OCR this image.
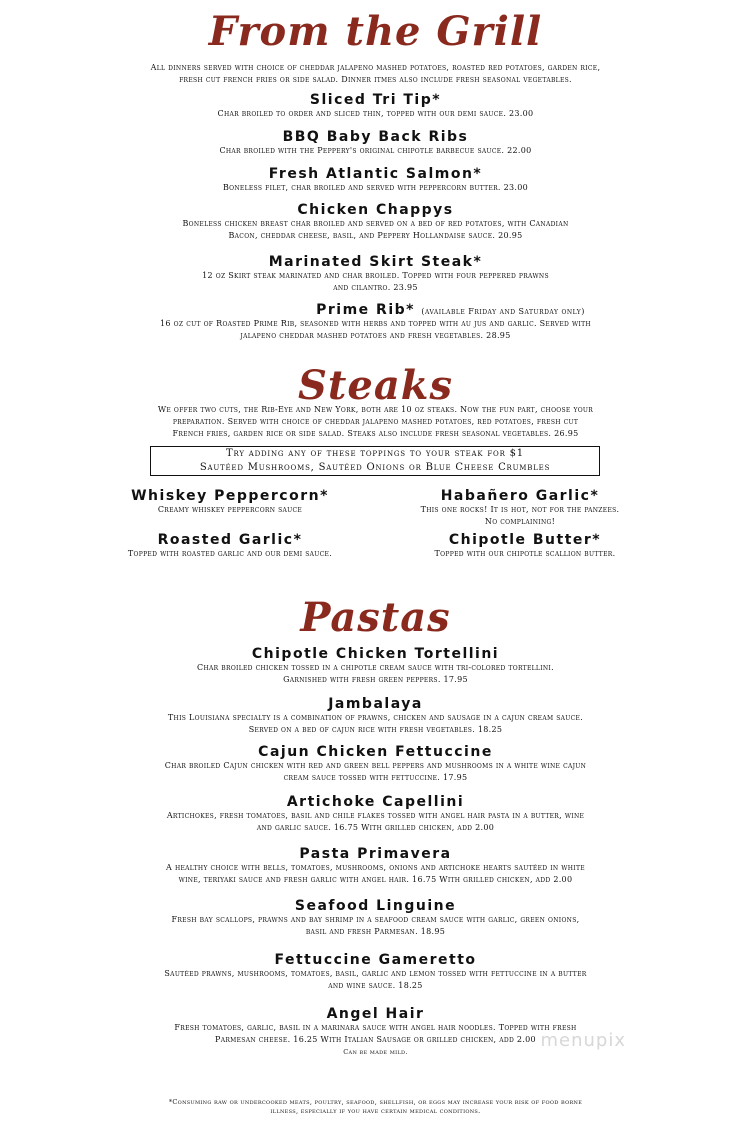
From the Grill

All dinners served with choice of cheddar jalapeno mashed potatoes, roasted red potatoes, garden rice,

fresh cut french fries or side salad. Dinner itmes also include fresh seasonal vegetables.

Sliced Tri Tip*

Char broiled to order and sliced thin, topped with our demi sauce. 23.00

BBQ Baby Back Ribs

Char broiled with the Peppery's original chipotle barbecue sauce. 22.00

Fresh Atlantic Salmon*

Boneless filet, char broiled and served with peppercorn butter. 23.00

Chicken Chappys

Boneless chicken breast char broiled and served on a bed of red potatoes, with Canadian

Bacon, cheddar cheese, basil, and Peppery Hollandaise sauce. 20.95

Marinated Skirt Steak*

12 oz Skirt steak marinated and char broiled. Topped with four peppered prawns

and cilantro. 23.95

Prime Rib* (available Friday and Saturday only)

16 oz cut of Roasted Prime Rib, seasoned with herbs and topped with au jus and garlic. Served with

jalapeno cheddar mashed potatoes and fresh vegetables. 28.95

Steaks

We offer two cuts, the Rib-Eye and New York, both are 10 oz steaks. Now the fun part, choose your

preparation. Served with choice of cheddar jalapeno mashed potatoes, red potatoes, fresh cut

French fries, garden rice or side salad. Steaks also include fresh seasonal vegetables. 26.95

Try adding any of these toppings to your steak for $1
Sautéed Mushrooms, Sautéed Onions or Blue Cheese Crumbles

Whiskey Peppercorn*

Creamy whiskey peppercorn sauce

Habañero Garlic*

This one rocks! It is hot, not for the panzees.

No complaining!

Roasted Garlic*

Topped with roasted garlic and our demi sauce.

Chipotle Butter*

Topped with our chipotle scallion butter.

Pastas

Chipotle Chicken Tortellini

Char broiled chicken tossed in a chipotle cream sauce with tri-colored tortellini.

Garnished with fresh green peppers. 17.95

Jambalaya

This Louisiana specialty is a combination of prawns, chicken and sausage in a cajun cream sauce.

Served on a bed of cajun rice with fresh vegetables. 18.25

Cajun Chicken Fettuccine

Char broiled Cajun chicken with red and green bell peppers and mushrooms in a white wine cajun

cream sauce tossed with fettuccine. 17.95

Artichoke Capellini

Artichokes, fresh tomatoes, basil and chile flakes tossed with angel hair pasta in a butter, wine

and garlic sauce. 16.75 With grilled chicken, add 2.00

Pasta Primavera

A healthy choice with bells, tomatoes, mushrooms, onions and artichoke hearts sautéed in white

wine, teriyaki sauce and fresh garlic with angel hair. 16.75 With grilled chicken, add 2.00

Seafood Linguine

Fresh bay scallops, prawns and bay shrimp in a seafood cream sauce with garlic, green onions,

basil and fresh Parmesan. 18.95

Fettuccine Gameretto

Sautéed prawns, mushrooms, tomatoes, basil, garlic and lemon tossed with fettuccine in a butter

and wine sauce. 18.25

Angel Hair

Fresh tomatoes, garlic, basil in a marinara sauce with angel hair noodles. Topped with fresh

Parmesan cheese. 16.25 With Italian Sausage or grilled chicken, add 2.00

Can be made mild.

*Consuming raw or undercooked meats, poultry, seafood, shellfish, or eggs may increase your risk of food borne

illness, especially if you have certain medical conditions.

menupix
